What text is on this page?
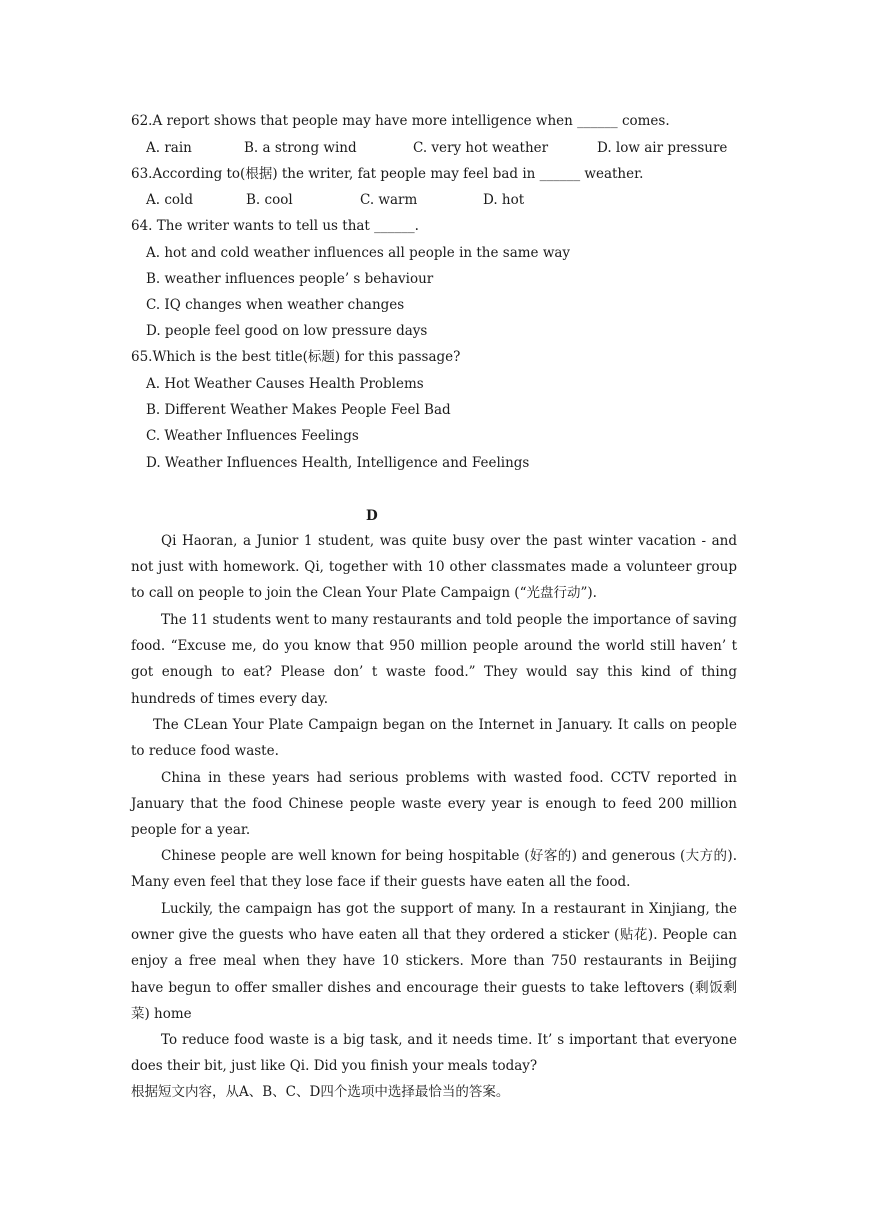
62.A report shows that people may have more intelligence when ______ comes.
A. rain	B. a strong wind	C. very hot weather	D. low air pressure
63.According to(根据) the writer, fat people may feel bad in ______ weather.
A. cold	B. cool	C. warm	D. hot
64. The writer wants to tell us that ______.
A. hot and cold weather influences all people in the same way
B. weather influences people’ s behaviour
C. IQ changes when weather changes
D. people feel good on low pressure days
65.Which is the best title(标题) for this passage?
A. Hot Weather Causes Health Problems
B. Different Weather Makes People Feel Bad
C. Weather Influences Feelings
D. Weather Influences Health, Intelligence and Feelings
D
Qi Haoran, a Junior 1 student, was quite busy over the past winter vacation - and not just with homework. Qi, together with 10 other classmates made a volunteer group to call on people to join the Clean Your Plate Campaign (“光盘行动”).
The 11 students went to many restaurants and told people the importance of saving food. “Excuse me, do you know that 950 million people around the world still haven’ t got enough to eat? Please don’ t waste food.” They would say this kind of thing hundreds of times every day.
The CLean Your Plate Campaign began on the Internet in January. It calls on people to reduce food waste.
China in these years had serious problems with wasted food. CCTV reported in January that the food Chinese people waste every year is enough to feed 200 million people for a year.
Chinese people are well known for being hospitable (好客的) and generous (大方的). Many even feel that they lose face if their guests have eaten all the food.
Luckily, the campaign has got the support of many. In a restaurant in Xinjiang, the owner give the guests who have eaten all that they ordered a sticker (贴花). People can enjoy a free meal when they have 10 stickers. More than 750 restaurants in Beijing have begun to offer smaller dishes and encourage their guests to take leftovers (剩饭剩菜) home
To reduce food waste is a big task, and it needs time. It’ s important that everyone does their bit, just like Qi. Did you finish your meals today?
根据短文内容，从A、B、C、D四个选项中选择最恰当的答案。
